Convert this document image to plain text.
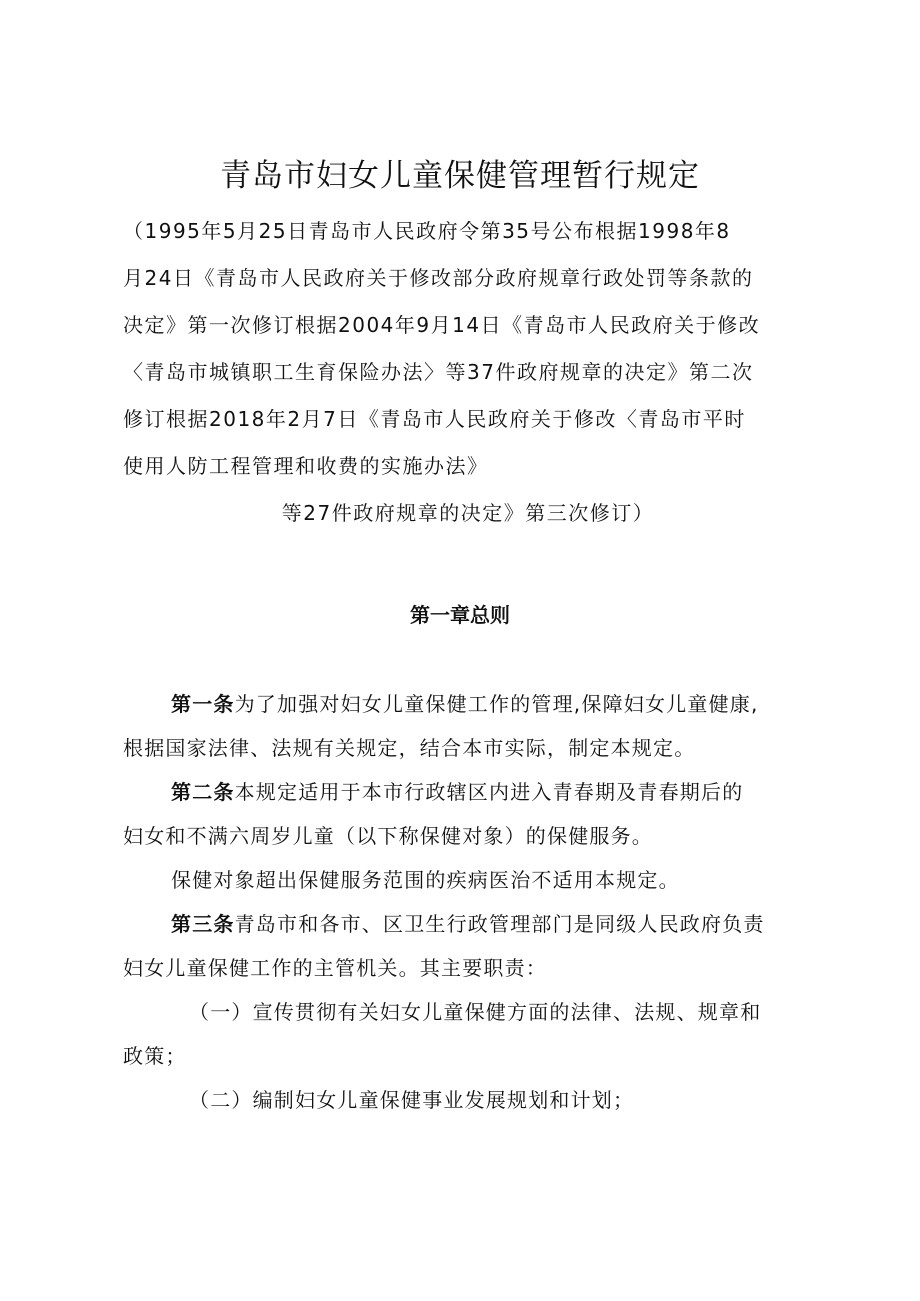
青岛市妇女儿童保健管理暂行规定
（1995年5月25日青岛市人民政府令第35号公布根据1998年8
月24日《青岛市人民政府关于修改部分政府规章行政处罚等条款的
决定》第一次修订根据2004年9月14日《青岛市人民政府关于修改
〈青岛市城镇职工生育保险办法〉等37件政府规章的决定》第二次
修订根据2018年2月7日《青岛市人民政府关于修改〈青岛市平时
使用人防工程管理和收费的实施办法》
等27件政府规章的决定》第三次修订）
第一章总则
第一条为了加强对妇女儿童保健工作的管理,保障妇女儿童健康,
根据国家法律、法规有关规定，结合本市实际，制定本规定。
第二条本规定适用于本市行政辖区内进入青春期及青春期后的
妇女和不满六周岁儿童（以下称保健对象）的保健服务。
保健对象超出保健服务范围的疾病医治不适用本规定。
第三条青岛市和各市、区卫生行政管理部门是同级人民政府负责
妇女儿童保健工作的主管机关。其主要职责：
（一）宣传贯彻有关妇女儿童保健方面的法律、法规、规章和
政策；
（二）编制妇女儿童保健事业发展规划和计划；
